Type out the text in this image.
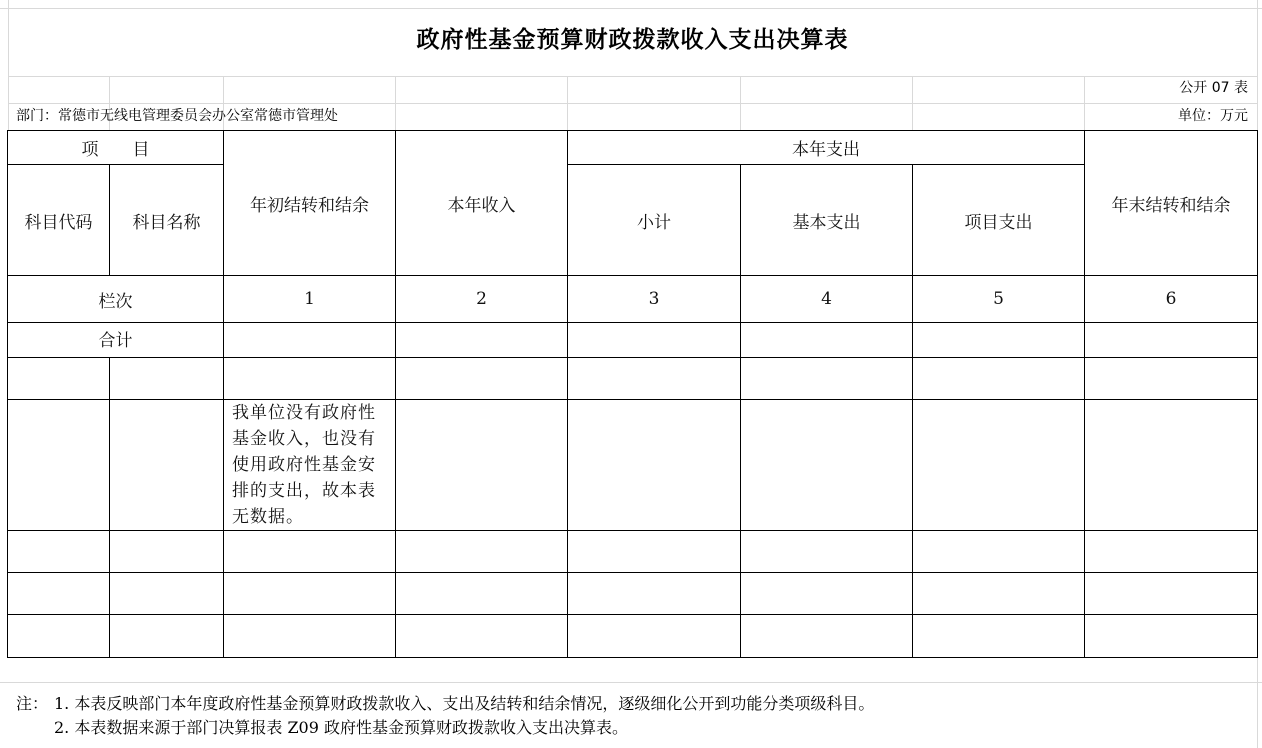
政府性基金预算财政拨款收入支出决算表
公开 07 表
部门：常德市无线电管理委员会办公室常德市管理处	单位：万元
项　　目		年初结转和结余	本年收入	本年支出			年末结转和结余
科目代码	科目名称			小计	基本支出	项目支出	
栏次		1	2	3	4	5	6
合计							

		我单位没有政府性基金收入，也没有使用政府性基金安排的支出，故本表无数据。					

注： 1. 本表反映部门本年度政府性基金预算财政拨款收入、支出及结转和结余情况，逐级细化公开到功能分类项级科目。
2. 本表数据来源于部门决算报表 Z09 政府性基金预算财政拨款收入支出决算表。
